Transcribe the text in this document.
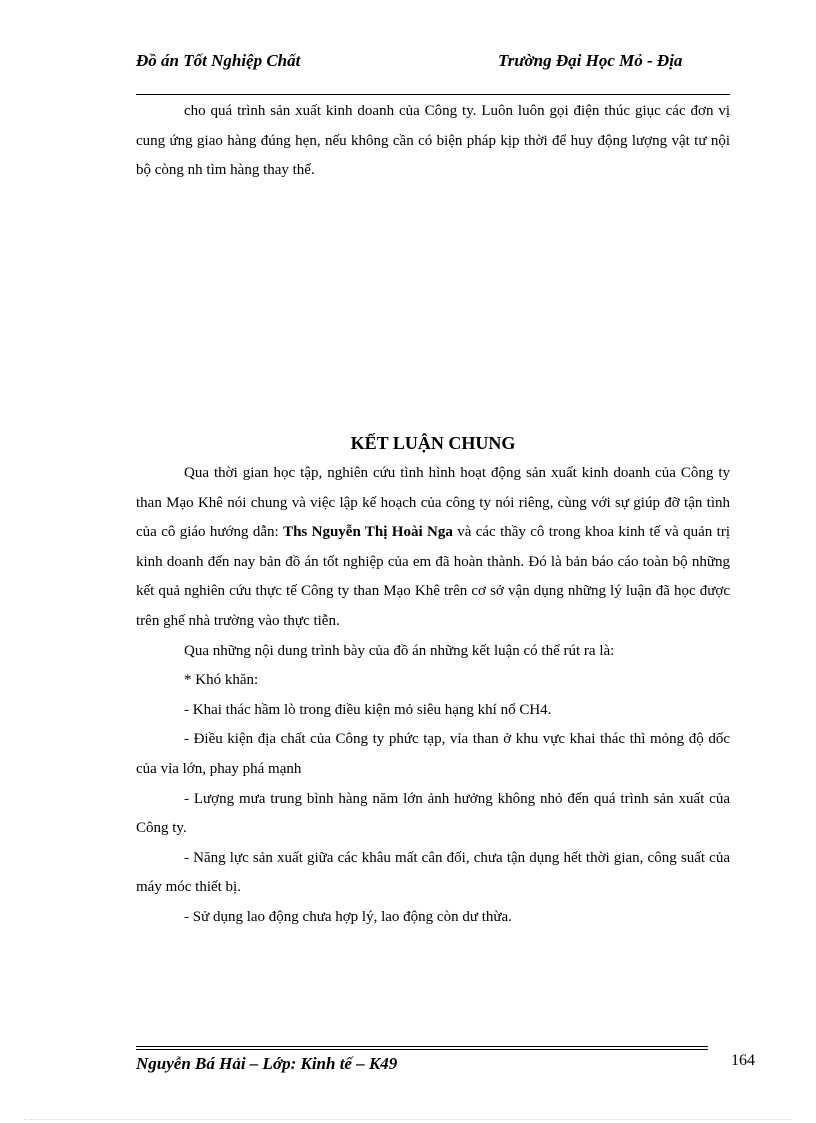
Đồ án Tốt Nghiệp Chất	Trường Đại Học Mỏ - Địa

cho quá trình sản xuất kinh doanh của Công ty. Luôn luôn gọi điện thúc giục các đơn vị cung ứng giao hàng đúng hẹn, nếu không cần có biện pháp kịp thời để huy động lượng vật tư nội bộ còng nh tìm hàng thay thế.

KẾT LUẬN CHUNG

Qua thời gian học tập, nghiên cứu tình hình hoạt động sản xuất kinh doanh của Công ty than Mạo Khê nói chung và việc lập kế hoạch của công ty nói riêng, cùng với sự giúp đỡ tận tình của cô giáo hướng dẫn: Ths Nguyễn Thị Hoài Nga và các thầy cô trong khoa kinh tế và quản trị kinh doanh đến nay bản đồ án tốt nghiệp của em đã hoàn thành. Đó là bản báo cáo toàn bộ những kết quả nghiên cứu thực tế Công ty than Mạo Khê trên cơ sở vận dụng những lý luận đã học được trên ghế nhà trường vào thực tiễn.

Qua những nội dung trình bày của đồ án những kết luận có thể rút ra là:

* Khó khăn:

- Khai thác hầm lò trong điều kiện mỏ siêu hạng khí nổ CH4.

- Điều kiện địa chất của Công ty phức tạp, vỉa than ở khu vực khai thác thì mỏng độ dốc của vỉa lớn, phay phá mạnh

- Lượng mưa trung bình hàng năm lớn ảnh hưởng không nhỏ đến quá trình sản xuất của Công ty.

- Năng lực sản xuất giữa các khâu mất cân đối, chưa tận dụng hết thời gian, công suất của máy móc thiết bị.

- Sử dụng lao động chưa hợp lý, lao động còn dư thừa.

Nguyễn Bá Hải – Lớp: Kinh tế – K49	164
